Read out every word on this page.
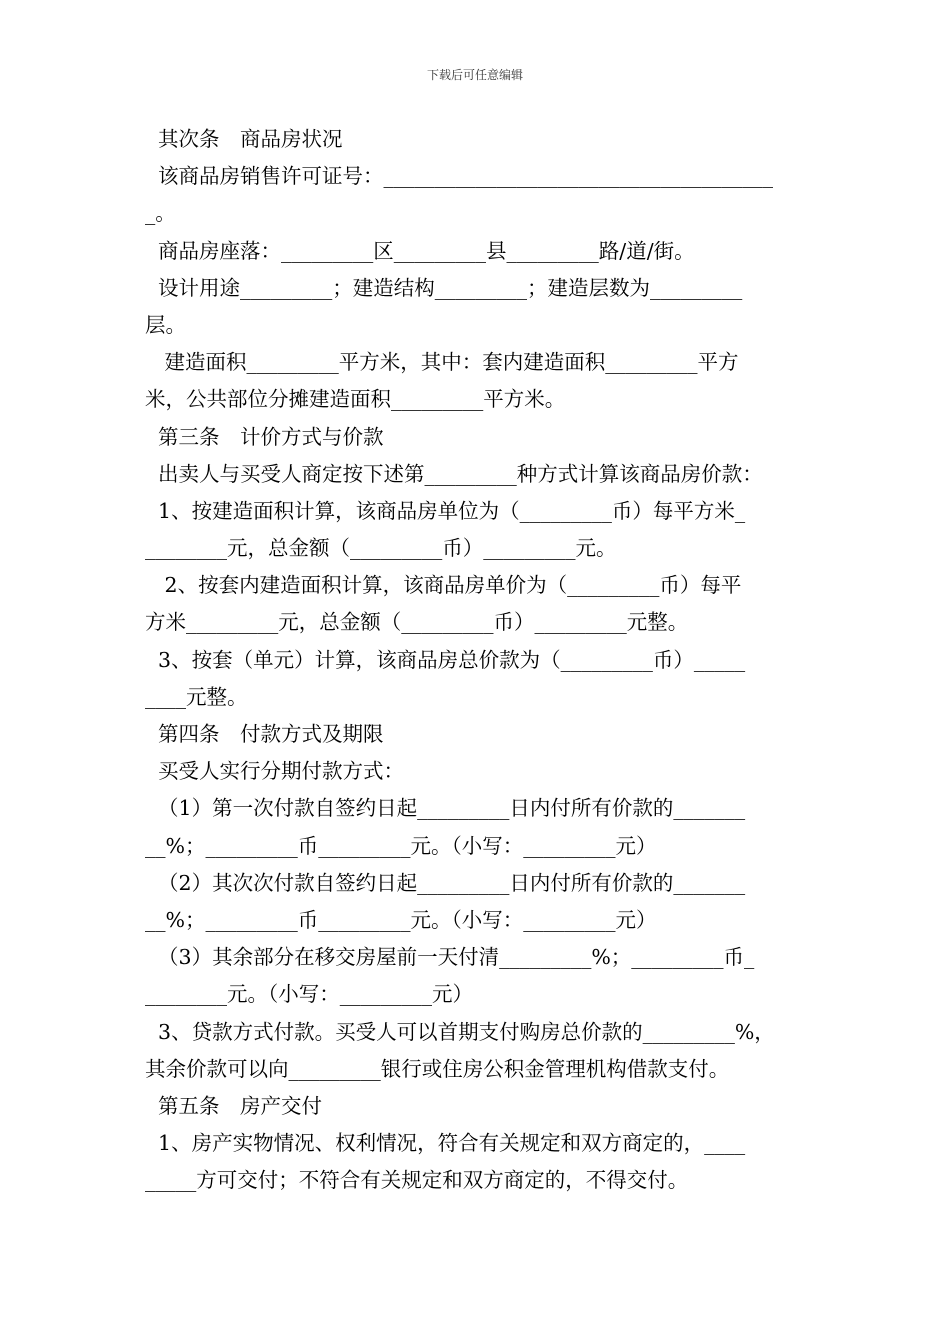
下载后可任意编辑
其次条　商品房状况
该商品房销售许可证号：______________________________________
_。
商品房座落：_________区_________县_________路/道/街。
设计用途_________；建造结构_________；建造层数为_________
层。
建造面积_________平方米，其中：套内建造面积_________平方
米，公共部位分摊建造面积_________平方米。
第三条　计价方式与价款
出卖人与买受人商定按下述第_________种方式计算该商品房价款：
1、按建造面积计算，该商品房单位为（_________币）每平方米_
________元，总金额（_________币）_________元。
2、按套内建造面积计算，该商品房单价为（_________币）每平
方米_________元，总金额（_________币）_________元整。
3、按套（单元）计算，该商品房总价款为（_________币）_____
____元整。
第四条　付款方式及期限
买受人实行分期付款方式：
（1）第一次付款自签约日起_________日内付所有价款的_______
__%；_________币_________元。（小写：_________元）
（2）其次次付款自签约日起_________日内付所有价款的_______
__%；_________币_________元。（小写：_________元）
（3）其余部分在移交房屋前一天付清_________%；_________币_
________元。（小写：_________元）
3、贷款方式付款。买受人可以首期支付购房总价款的_________%，
其余价款可以向_________银行或住房公积金管理机构借款支付。
第五条　房产交付
1、房产实物情况、权利情况，符合有关规定和双方商定的，____
_____方可交付；不符合有关规定和双方商定的，不得交付。
